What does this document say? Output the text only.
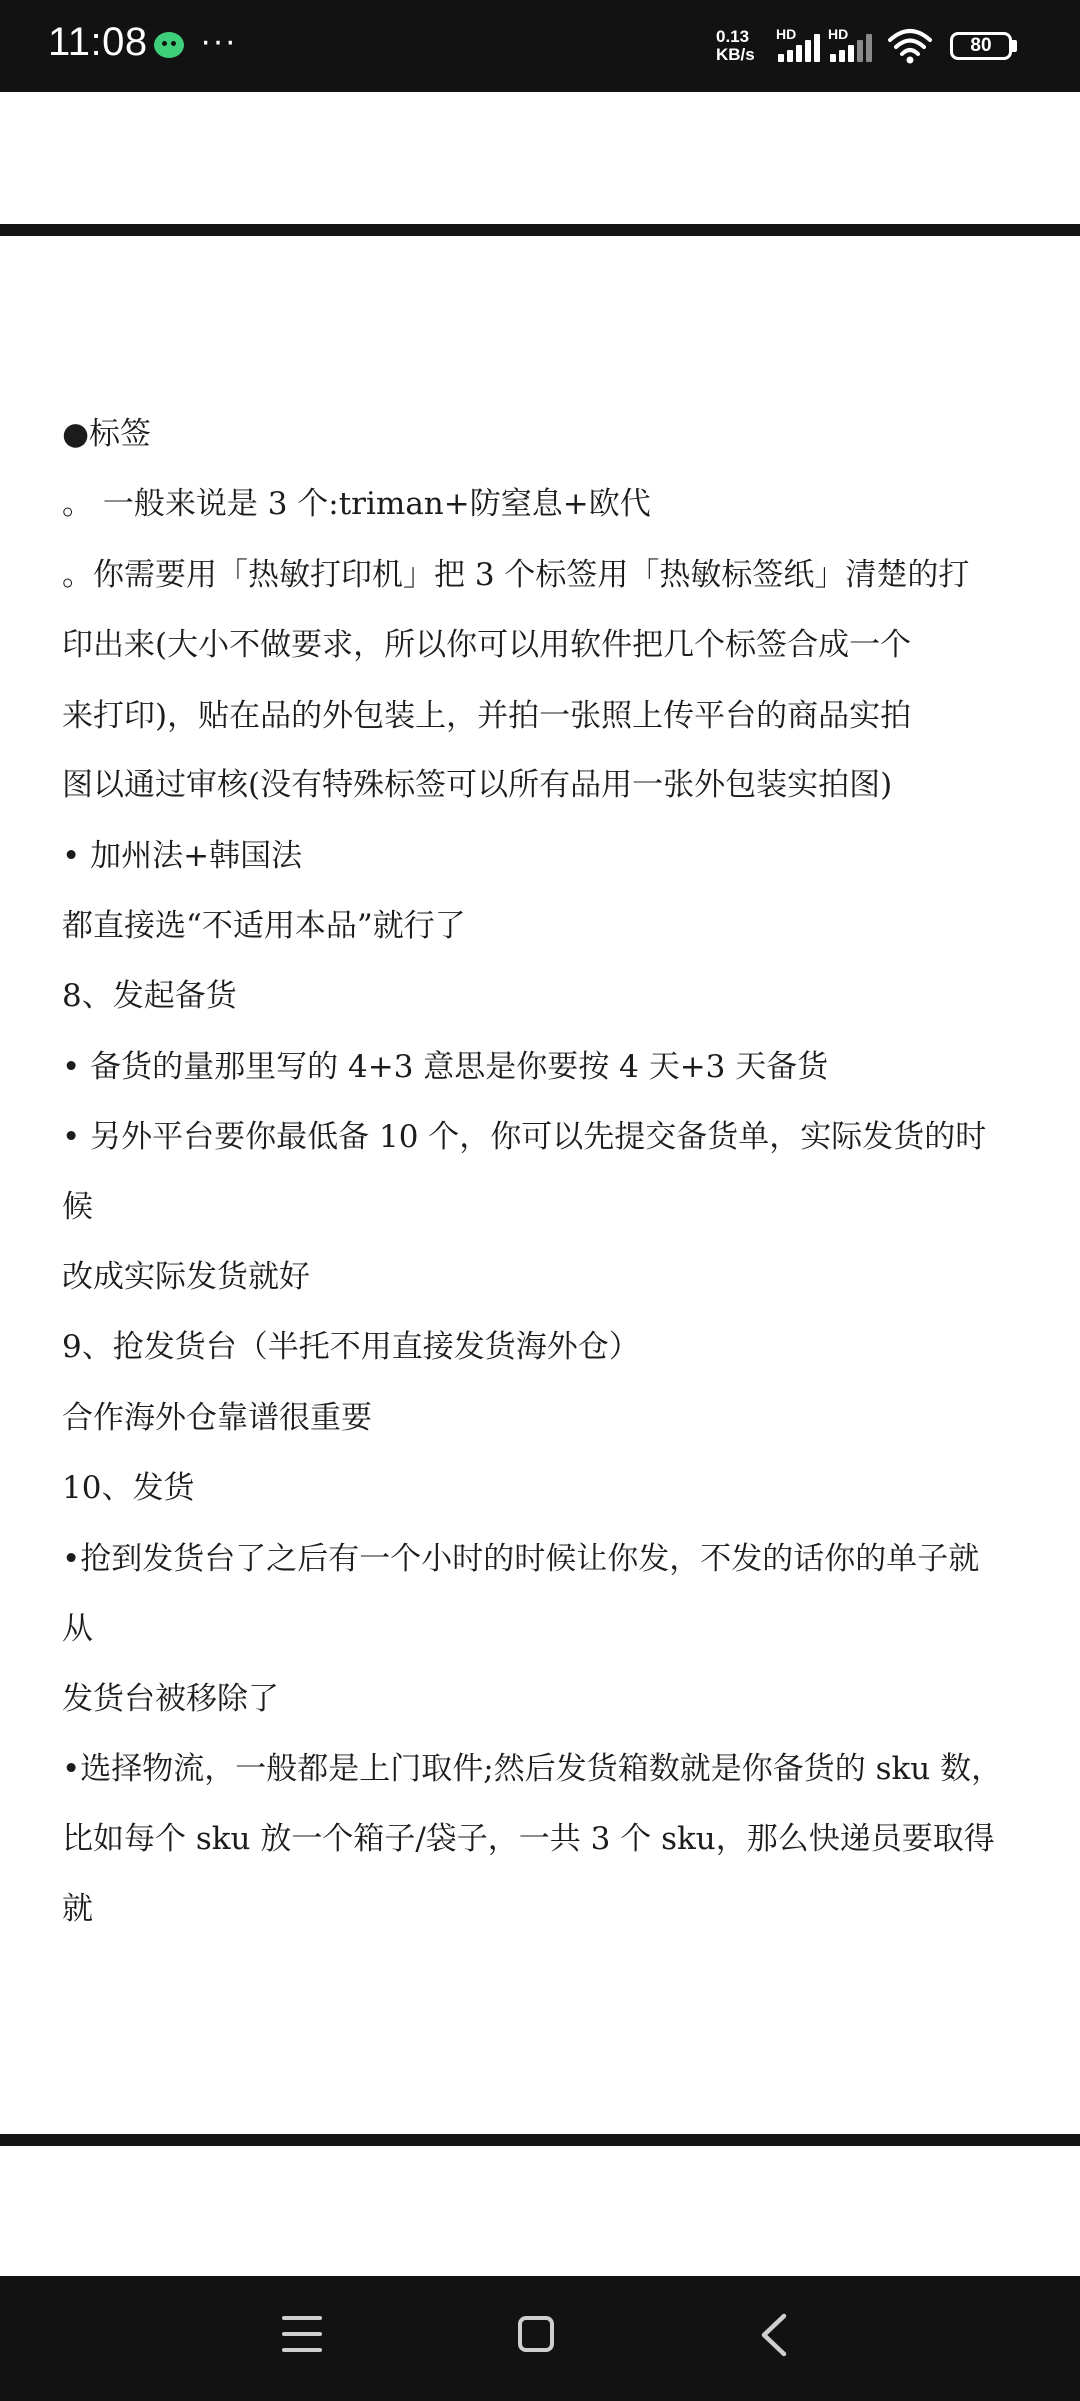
11:08 ···	0.13
KB/s
HD HD
80
●标签
。 一般来说是 3 个:triman+防窒息+欧代
。你需要用「热敏打印机」把 3 个标签用「热敏标签纸」清楚的打
印出来(大小不做要求，所以你可以用软件把几个标签合成一个
来打印)，贴在品的外包装上，并拍一张照上传平台的商品实拍
图以通过审核(没有特殊标签可以所有品用一张外包装实拍图)
• 加州法+韩国法
都直接选“不适用本品”就行了
8、发起备货
• 备货的量那里写的 4+3 意思是你要按 4 天+3 天备货
• 另外平台要你最低备 10 个，你可以先提交备货单，实际发货的时
候
改成实际发货就好
9、抢发货台（半托不用直接发货海外仓）
合作海外仓靠谱很重要
10、发货
•抢到发货台了之后有一个小时的时候让你发，不发的话你的单子就
从
发货台被移除了
•选择物流，一般都是上门取件;然后发货箱数就是你备货的 sku 数，
比如每个 sku 放一个箱子/袋子，一共 3 个 sku，那么快递员要取得
就
